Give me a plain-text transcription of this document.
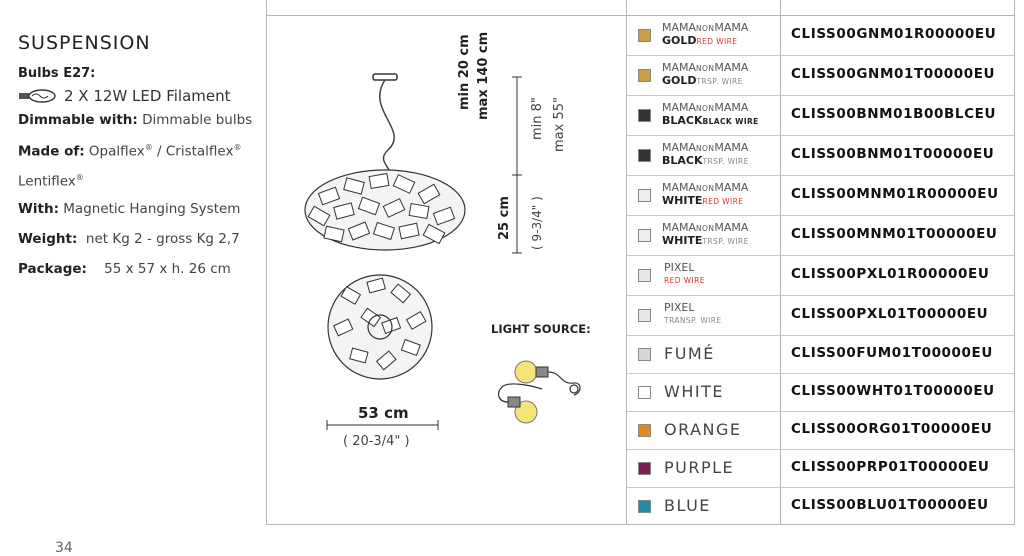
SUSPENSION
Bulbs E27:
2 X 12W LED Filament
Dimmable with: Dimmable bulbs
Made of: Opalflex® / Cristalflex®
Lentiflex®
With: Magnetic Hanging System
Weight: net Kg 2 - gross Kg 2,7
Package: 55 x 57 x h. 26 cm
53 cm
( 20-3/4" )
min 20 cm max 140 cm	min 8" max 55"
25 cm ( 9-3/4" )
LIGHT SOURCE:
MAMANONMAMA
GOLDRED WIRE	CLISS00GNM01R00000EU
MAMANONMAMA
GOLDTRSP. WIRE	CLISS00GNM01T00000EU
MAMANONMAMA
BLACKBLACK WIRE CLISS00BNM01B00BLCEU
MAMANONMAMA
BLACKTRSP. WIRE	CLISS00BNM01T00000EU
MAMANONMAMA
WHITERED WIRE	CLISS00MNM01R00000EU
MAMANONMAMA
WHITETRSP. WIRE	CLISS00MNM01T00000EU
PIXEL
RED WIRE	CLISS00PXL01R00000EU
PIXEL
TRANSP. WIRE	CLISS00PXL01T00000EU
FUMÉ	CLISS00FUM01T00000EU
WHITE	CLISS00WHT01T00000EU
ORANGE	CLISS00ORG01T00000EU
PURPLE	CLISS00PRP01T00000EU
BLUE	CLISS00BLU01T00000EU
34
